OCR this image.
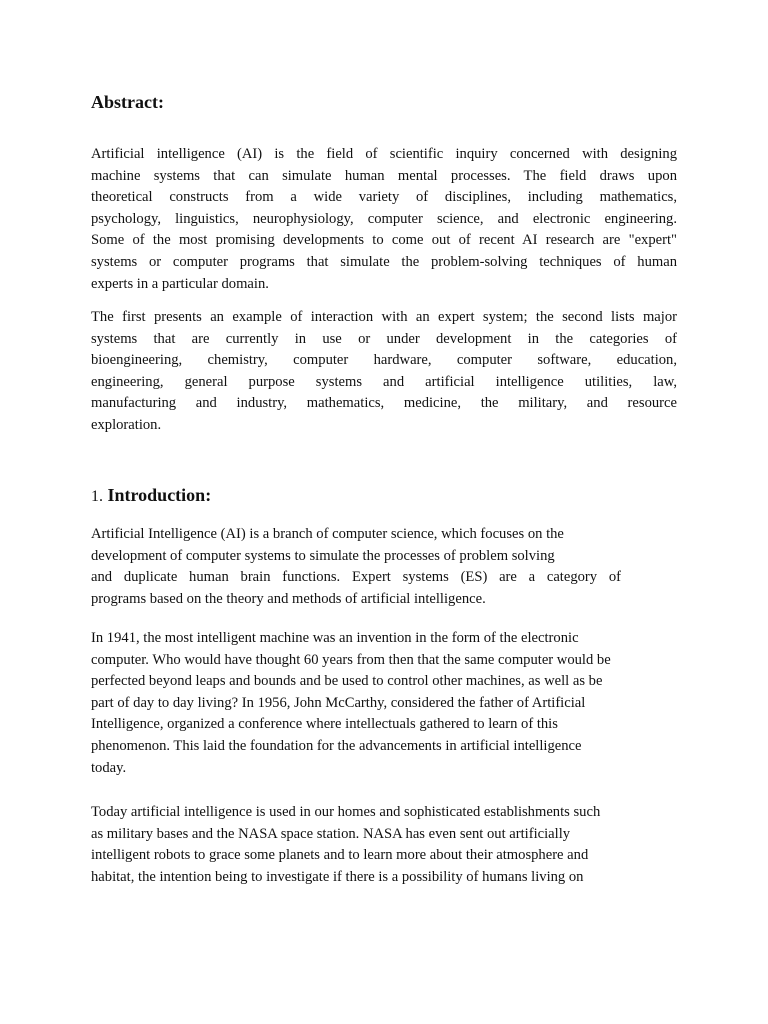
Abstract:

Artificial intelligence (AI) is the field of scientific inquiry concerned with designing
machine systems that can simulate human mental processes. The field draws upon
theoretical constructs from a wide variety of disciplines, including mathematics,
psychology, linguistics, neurophysiology, computer science, and electronic engineering.
Some of the most promising developments to come out of recent AI research are "expert"
systems or computer programs that simulate the problem-solving techniques of human
experts in a particular domain.

The first presents an example of interaction with an expert system; the second lists major
systems that are currently in use or under development in the categories of
bioengineering, chemistry, computer hardware, computer software, education,
engineering, general purpose systems and artificial intelligence utilities, law,
manufacturing and industry, mathematics, medicine, the military, and resource
exploration.

1. Introduction:

Artificial Intelligence (AI) is a branch of computer science, which focuses on the
development of computer systems to simulate the processes of problem solving
and duplicate human brain functions. Expert systems (ES) are a category of
programs based on the theory and methods of artificial intelligence.

In 1941, the most intelligent machine was an invention in the form of the electronic
computer. Who would have thought 60 years from then that the same computer would be
perfected beyond leaps and bounds and be used to control other machines, as well as be
part of day to day living? In 1956, John McCarthy, considered the father of Artificial
Intelligence, organized a conference where intellectuals gathered to learn of this
phenomenon. This laid the foundation for the advancements in artificial intelligence
today.

Today artificial intelligence is used in our homes and sophisticated establishments such
as military bases and the NASA space station. NASA has even sent out artificially
intelligent robots to grace some planets and to learn more about their atmosphere and
habitat, the intention being to investigate if there is a possibility of humans living on
